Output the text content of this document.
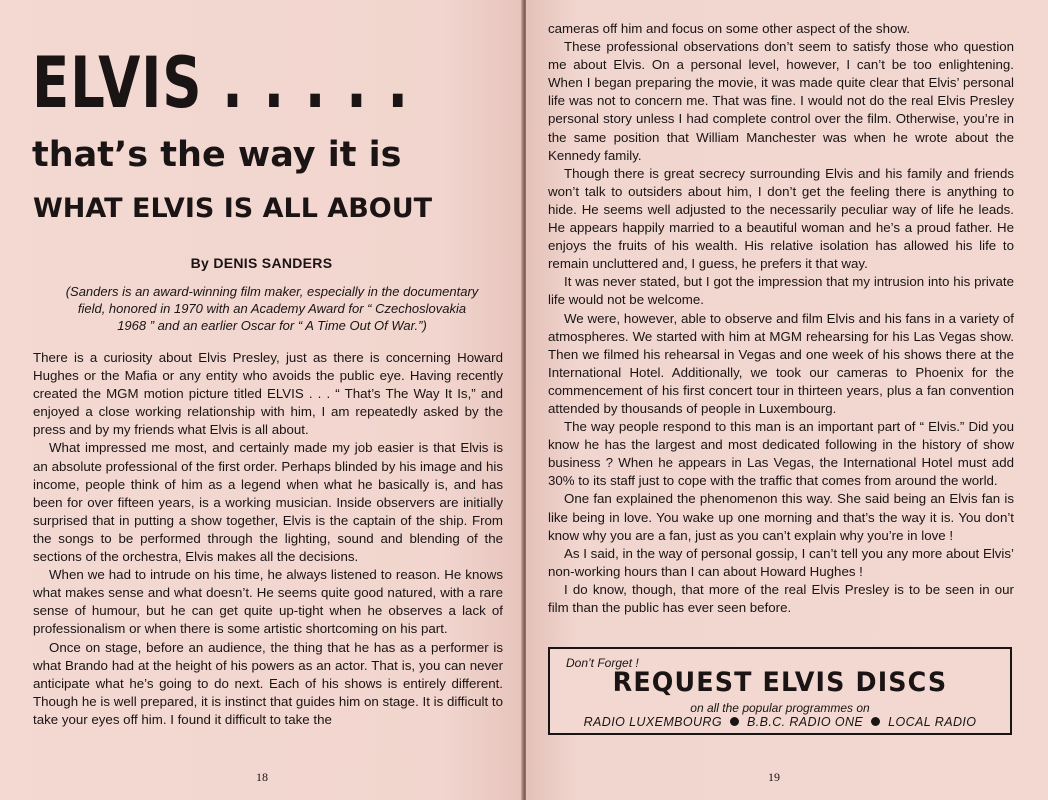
ELVIS . . . . .
that’s the way it is
WHAT ELVIS IS ALL ABOUT
By DENIS SANDERS

(Sanders is an award-winning film maker, especially in the documentary field, honored in 1970 with an Academy Award for “ Czechoslovakia 1968 ” and an earlier Oscar for “ A Time Out Of War.”)

There is a curiosity about Elvis Presley, just as there is concerning Howard Hughes or the Mafia or any entity who avoids the public eye. Having recently created the MGM motion picture titled ELVIS . . . “ That’s The Way It Is,” and enjoyed a close working relationship with him, I am repeatedly asked by the press and by my friends what Elvis is all about.

What impressed me most, and certainly made my job easier is that Elvis is an absolute professional of the first order. Perhaps blinded by his image and his income, people think of him as a legend when what he basically is, and has been for over fifteen years, is a working musician. Inside observers are initially surprised that in putting a show together, Elvis is the captain of the ship. From the songs to be performed through the lighting, sound and blending of the sections of the orchestra, Elvis makes all the decisions.

When we had to intrude on his time, he always listened to reason. He knows what makes sense and what doesn’t. He seems quite good natured, with a rare sense of humour, but he can get quite up-tight when he observes a lack of professionalism or when there is some artistic shortcoming on his part.

Once on stage, before an audience, the thing that he has as a performer is what Brando had at the height of his powers as an actor. That is, you can never anticipate what he’s going to do next. Each of his shows is entirely different. Though he is well prepared, it is instinct that guides him on stage. It is difficult to take your eyes off him. I found it difficult to take the

18

cameras off him and focus on some other aspect of the show.

These professional observations don’t seem to satisfy those who question me about Elvis. On a personal level, however, I can’t be too enlightening. When I began preparing the movie, it was made quite clear that Elvis’ personal life was not to concern me. That was fine. I would not do the real Elvis Presley personal story unless I had complete control over the film. Otherwise, you’re in the same position that William Manchester was when he wrote about the Kennedy family.

Though there is great secrecy surrounding Elvis and his family and friends won’t talk to outsiders about him, I don’t get the feeling there is anything to hide. He seems well adjusted to the necessarily peculiar way of life he leads. He appears happily married to a beautiful woman and he’s a proud father. He enjoys the fruits of his wealth. His relative isolation has allowed his life to remain uncluttered and, I guess, he prefers it that way.

It was never stated, but I got the impression that my intrusion into his private life would not be welcome.

We were, however, able to observe and film Elvis and his fans in a variety of atmospheres. We started with him at MGM rehearsing for his Las Vegas show. Then we filmed his rehearsal in Vegas and one week of his shows there at the International Hotel. Additionally, we took our cameras to Phoenix for the commencement of his first concert tour in thirteen years, plus a fan convention attended by thousands of people in Luxembourg.

The way people respond to this man is an important part of “ Elvis.” Did you know he has the largest and most dedicated following in the history of show business ? When he appears in Las Vegas, the International Hotel must add 30% to its staff just to cope with the traffic that comes from around the world.

One fan explained the phenomenon this way. She said being an Elvis fan is like being in love. You wake up one morning and that’s the way it is. You don’t know why you are a fan, just as you can’t explain why you’re in love !

As I said, in the way of personal gossip, I can’t tell you any more about Elvis’ non-working hours than I can about Howard Hughes !

I do know, though, that more of the real Elvis Presley is to be seen in our film than the public has ever seen before.

Don’t Forget !
REQUEST ELVIS DISCS
on all the popular programmes on
RADIO LUXEMBOURG B.B.C. RADIO ONE LOCAL RADIO
19
